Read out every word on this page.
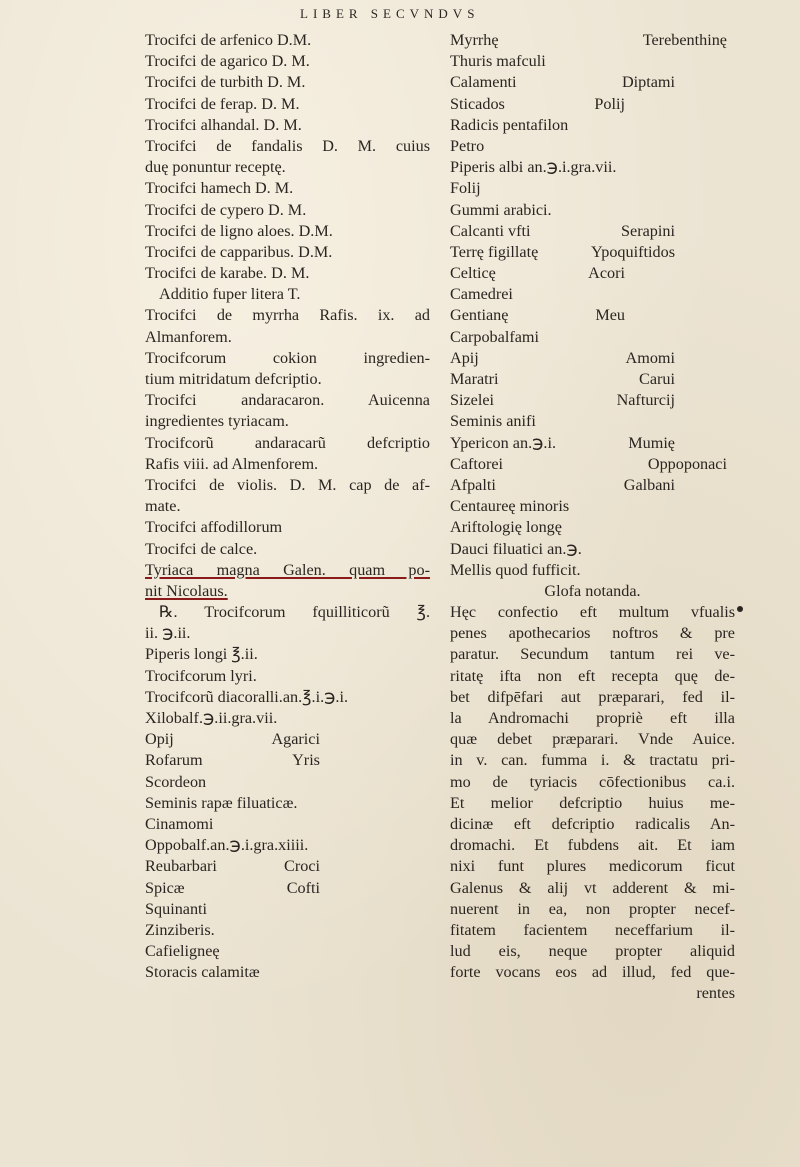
LIBER SECVNDVS
Trocifci de arfenico D.M.
Trocifci de agarico D. M.
Trocifci de turbith D. M.
Trocifci de ferap. D. M.
Trocifci alhandal. D. M.
Trocifci de fandalis D. M. cuius
duę ponuntur receptę.
Trocifci hamech D. M.
Trocifci de cypero D. M.
Trocifci de ligno aloes. D.M.
Trocifci de capparibus. D.M.
Trocifci de karabe. D. M.
Additio fuper litera T.
Trocifci de myrrha Rafis. ix. ad
Almanforem.
Trocifcorum cokion ingredien-
tium mitridatum defcriptio.
Trocifci andaracaron. Auicenna
ingredientes tyriacam.
Trocifcorũ andaracarũ defcriptio
Rafis viii. ad Almenforem.
Trocifci de violis. D. M. cap de af-
mate.
Trocifci affodillorum
Trocifci de calce.
Tyriaca magna Galen. quam po-
nit Nicolaus.
℞. Trocifcorum fquilliticorũ ℥.
ii. ℈.ii.
Piperis longi ℥.ii.
Trocifcorum lyri.
Trocifcorũ diacoralli.an.℥.i.℈.i.
Xilobalf.℈.ii.gra.vii.
Opij	Agarici
Rofarum	Yris
Scordeon
Seminis rapæ filuaticæ.
Cinamomi
Oppobalf.an.℈.i.gra.xiiii.
Reubarbari	Croci
Spicæ	Cofti
Squinanti
Zinziberis.
Cafieligneę
Storacis calamitæ
Myrrhę	Terebenthinę
Thuris mafculi
Calamenti	Diptami
Sticados	Polij
Radicis pentafilon
Petro
Piperis albi an.℈.i.gra.vii.
Folij
Gummi arabici.
Calcanti vfti	Serapini
Terrę figillatę	Ypoquiftidos
Celticę	Acori
Camedrei
Gentianę	Meu
Carpobalfami
Apij	Amomi
Maratri	Carui
Sizelei	Nafturcij
Seminis anifi
Ypericon an.℈.i.	Mumię
Caftorei	Oppoponaci
Afpalti	Galbani
Centaureę minoris
Ariftologię longę
Dauci filuatici an.℈.
Mellis quod fufficit.
Glofa notanda.
Hęc confectio eft multum vfualis
penes apothecarios noftros & pre
paratur. Secundum tantum rei ve-
ritatę ifta non eft recepta quę de-
bet difpēfari aut præparari, fed il-
la Andromachi propriè eft illa
quæ debet præparari. Vnde Auice.
in v. can. fumma i. & tractatu pri-
mo de tyriacis cōfectionibus ca.i.
Et melior defcriptio huius me-
dicinæ eft defcriptio radicalis An-
dromachi. Et fubdens ait. Et iam
nixi funt plures medicorum ficut
Galenus & alij vt adderent & mi-
nuerent in ea, non propter necef-
fitatem facientem neceffarium il-
lud eis, neque propter aliquid
forte vocans eos ad illud, fed que-
rentes
